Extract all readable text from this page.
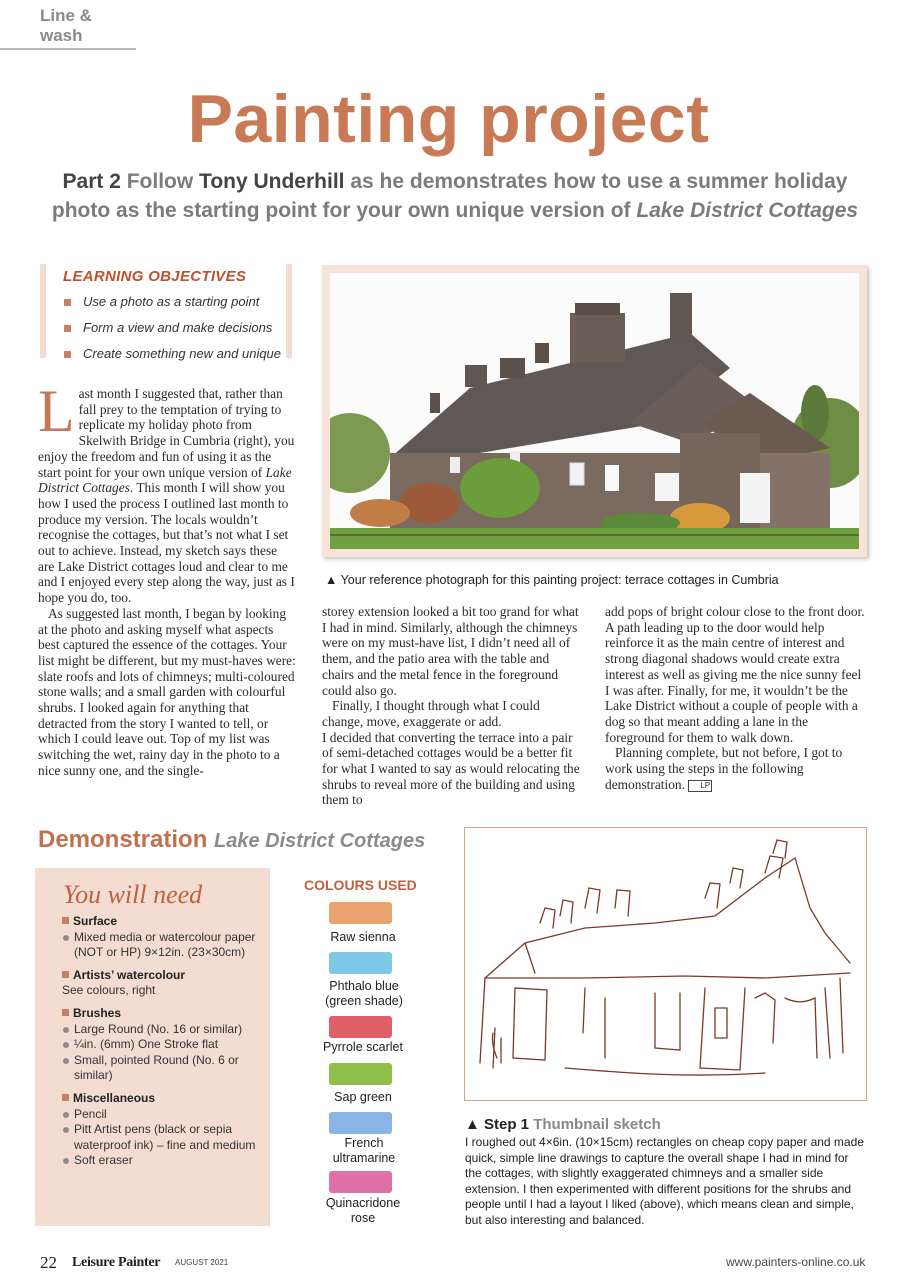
Line & wash
Painting project
Part 2 Follow Tony Underhill as he demonstrates how to use a summer holiday photo as the starting point for your own unique version of Lake District Cottages
LEARNING OBJECTIVES
Use a photo as a starting point
Form a view and make decisions
Create something new and unique
▲ Your reference photograph for this painting project: terrace cottages in Cumbria

Last month I suggested that, rather than fall prey to the temptation of trying to replicate my holiday photo from Skelwith Bridge in Cumbria (right), you enjoy the freedom and fun of using it as the start point for your own unique version of Lake District Cottages. This month I will show you how I used the process I outlined last month to produce my version. The locals wouldn’t recognise the cottages, but that’s not what I set out to achieve. Instead, my sketch says these are Lake District cottages loud and clear to me and I enjoyed every step along the way, just as I hope you do, too.

As suggested last month, I began by looking at the photo and asking myself what aspects best captured the essence of the cottages. Your list might be different, but my must-haves were: slate roofs and lots of chimneys; multi-coloured stone walls; and a small garden with colourful shrubs. I looked again for anything that detracted from the story I wanted to tell, or which I could leave out. Top of my list was switching the wet, rainy day in the photo to a nice sunny one, and the single-

storey extension looked a bit too grand for what I had in mind. Similarly, although the chimneys were on my must-have list, I didn’t need all of them, and the patio area with the table and chairs and the metal fence in the foreground could also go.

Finally, I thought through what I could change, move, exaggerate or add.

I decided that converting the terrace into a pair of semi-detached cottages would be a better fit for what I wanted to say as would relocating the shrubs to reveal more of the building and using them to

add pops of bright colour close to the front door. A path leading up to the door would help reinforce it as the main centre of interest and strong diagonal shadows would create extra interest as well as giving me the nice sunny feel I was after. Finally, for me, it wouldn’t be the Lake District without a couple of people with a dog so that meant adding a lane in the foreground for them to walk down.

Planning complete, but not before, I got to work using the steps in the following demonstration. LP

Demonstration Lake District Cottages
You will need
Surface
Mixed media or watercolour paper (NOT or HP) 9×12in. (23×30cm)
Artists’ watercolour
See colours, right
Brushes
Large Round (No. 16 or similar)
¼in. (6mm) One Stroke flat
Small, pointed Round (No. 6 or similar)
Miscellaneous
Pencil
Pitt Artist pens (black or sepia waterproof ink) – fine and medium
Soft eraser
COLOURS USED
Raw sienna
Phthalo blue (green shade)
Pyrrole scarlet
Sap green
French ultramarine
Quinacridone rose
▲ Step 1 Thumbnail sketch
I roughed out 4×6in. (10×15cm) rectangles on cheap copy paper and made quick, simple line drawings to capture the overall shape I had in mind for the cottages, with slightly exaggerated chimneys and a smaller side extension. I then experimented with different positions for the shrubs and people until I had a layout I liked (above), which means clean and simple, but also interesting and balanced.
22 Leisure Painter AUGUST 2021	www.painters-online.co.uk
